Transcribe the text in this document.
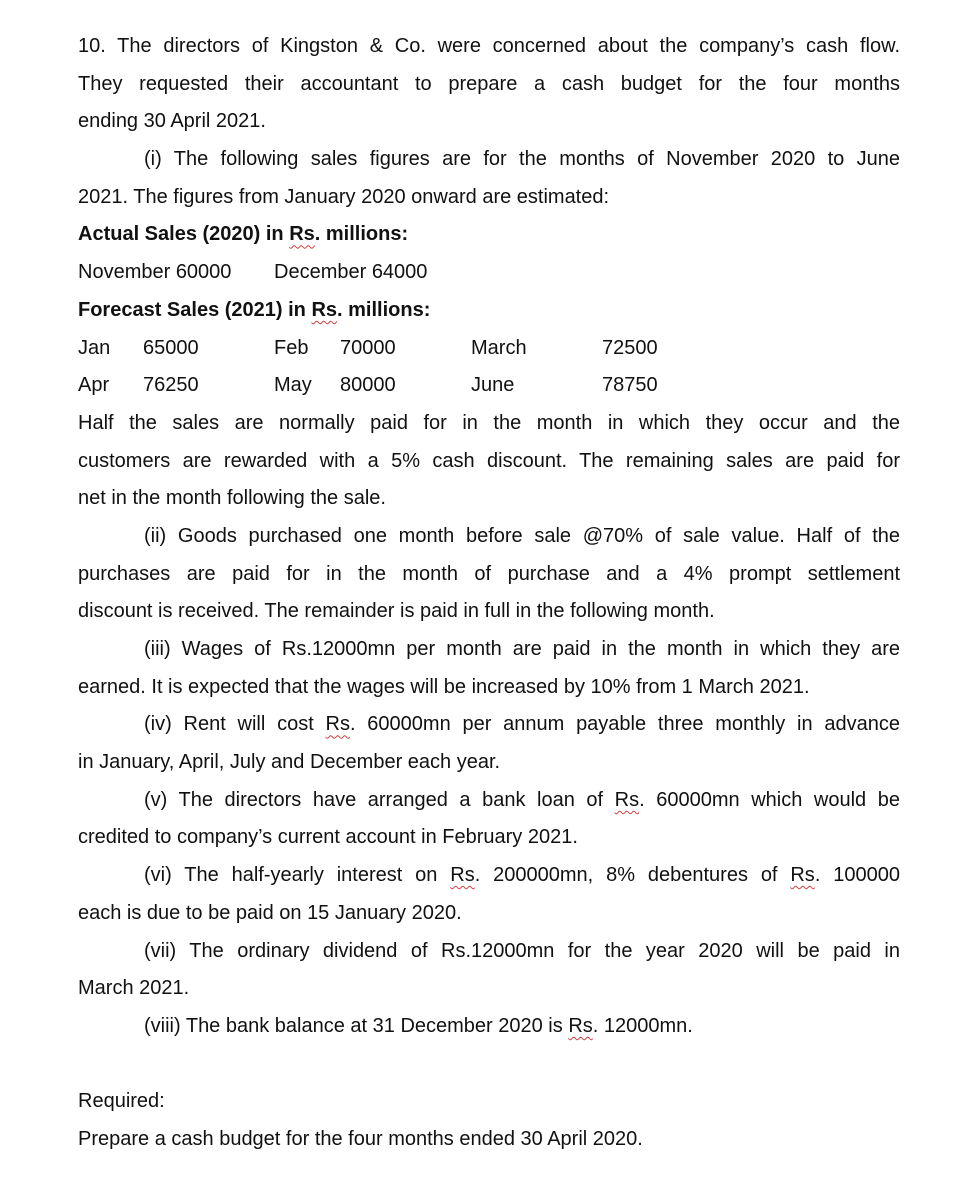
10. The directors of Kingston & Co. were concerned about the company’s cash flow.
They requested their accountant to prepare a cash budget for the four months
ending 30 April 2021.
(i) The following sales figures are for the months of November 2020 to June
2021. The figures from January 2020 onward are estimated:
Actual Sales (2020) in Rs. millions:
November 60000 December 64000
Forecast Sales (2021) in Rs. millions:
Jan 65000	Feb 70000	March	72500
Apr 76250	May 80000	June	78750
Half the sales are normally paid for in the month in which they occur and the
customers are rewarded with a 5% cash discount. The remaining sales are paid for
net in the month following the sale.
(ii) Goods purchased one month before sale @70% of sale value. Half of the
purchases are paid for in the month of purchase and a 4% prompt settlement
discount is received. The remainder is paid in full in the following month.
(iii) Wages of Rs.12000mn per month are paid in the month in which they are
earned. It is expected that the wages will be increased by 10% from 1 March 2021.
(iv) Rent will cost Rs. 60000mn per annum payable three monthly in advance
in January, April, July and December each year.
(v) The directors have arranged a bank loan of Rs. 60000mn which would be
credited to company’s current account in February 2021.
(vi) The half-yearly interest on Rs. 200000mn, 8% debentures of Rs. 100000
each is due to be paid on 15 January 2020.
(vii) The ordinary dividend of Rs.12000mn for the year 2020 will be paid in
March 2021.
(viii) The bank balance at 31 December 2020 is Rs. 12000mn.
Required:
Prepare a cash budget for the four months ended 30 April 2020.
